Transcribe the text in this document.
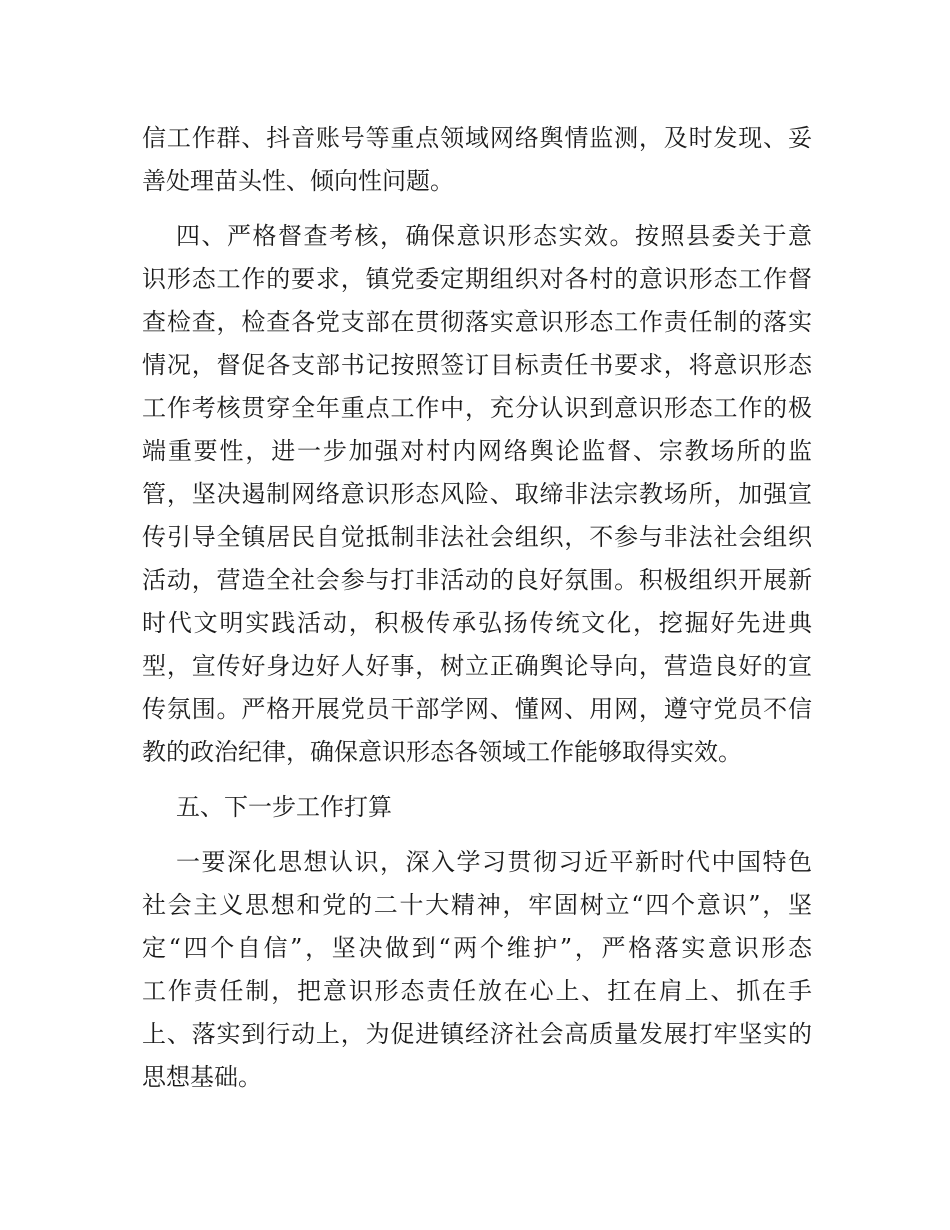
信工作群、抖音账号等重点领域网络舆情监测，及时发现、妥
善处理苗头性、倾向性问题。
四、严格督查考核，确保意识形态实效。按照县委关于意
识形态工作的要求，镇党委定期组织对各村的意识形态工作督
查检查，检查各党支部在贯彻落实意识形态工作责任制的落实
情况，督促各支部书记按照签订目标责任书要求，将意识形态
工作考核贯穿全年重点工作中，充分认识到意识形态工作的极
端重要性，进一步加强对村内网络舆论监督、宗教场所的监
管，坚决遏制网络意识形态风险、取缔非法宗教场所，加强宣
传引导全镇居民自觉抵制非法社会组织，不参与非法社会组织
活动，营造全社会参与打非活动的良好氛围。积极组织开展新
时代文明实践活动，积极传承弘扬传统文化，挖掘好先进典
型，宣传好身边好人好事，树立正确舆论导向，营造良好的宣
传氛围。严格开展党员干部学网、懂网、用网，遵守党员不信
教的政治纪律，确保意识形态各领域工作能够取得实效。
五、下一步工作打算
一要深化思想认识，深入学习贯彻习近平新时代中国特色
社会主义思想和党的二十大精神，牢固树立“四个意识”，坚
定“四个自信”，坚决做到“两个维护”，严格落实意识形态
工作责任制，把意识形态责任放在心上、扛在肩上、抓在手
上、落实到行动上，为促进镇经济社会高质量发展打牢坚实的
思想基础。
